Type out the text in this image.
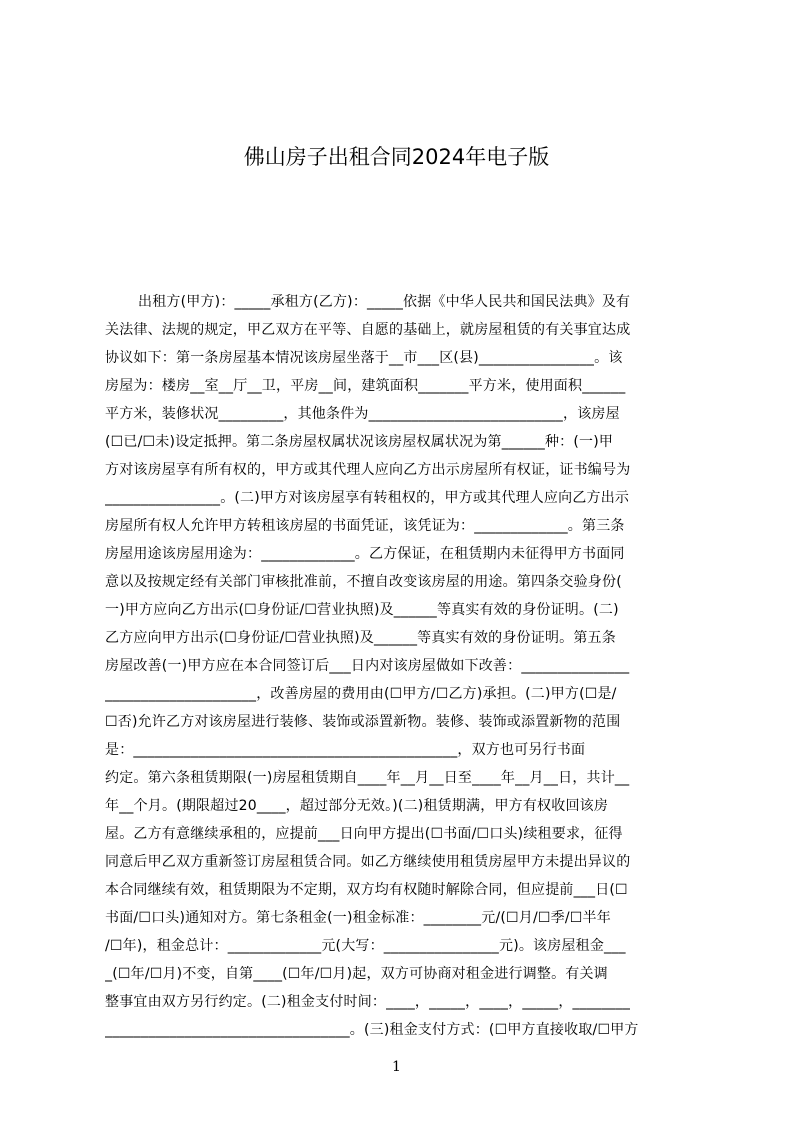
佛山房子出租合同2024年电子版
出租方(甲方)：_____承租方(乙方)：_____依据《中华人民共和国民法典》及有
关法律、法规的规定，甲乙双方在平等、自愿的基础上，就房屋租赁的有关事宜达成
协议如下：第一条房屋基本情况该房屋坐落于__市___区(县)________________。该
房屋为：楼房__室__厅__卫，平房__间，建筑面积_______平方米，使用面积______
平方米，装修状况_________，其他条件为___________________________，该房屋
(☐已/☐未)设定抵押。第二条房屋权属状况该房屋权属状况为第______种：(一)甲
方对该房屋享有所有权的，甲方或其代理人应向乙方出示房屋所有权证，证书编号为
________________。(二)甲方对该房屋享有转租权的，甲方或其代理人应向乙方出示
房屋所有权人允许甲方转租该房屋的书面凭证，该凭证为：_____________。第三条
房屋用途该房屋用途为：_____________。乙方保证，在租赁期内未征得甲方书面同
意以及按规定经有关部门审核批准前，不擅自改变该房屋的用途。第四条交验身份(
一)甲方应向乙方出示(☐身份证/☐营业执照)及______等真实有效的身份证明。(二)
乙方应向甲方出示(☐身份证/☐营业执照)及______等真实有效的身份证明。第五条
房屋改善(一)甲方应在本合同签订后___日内对该房屋做如下改善：_______________
_____________________，改善房屋的费用由(☐甲方/☐乙方)承担。(二)甲方(☐是/
☐否)允许乙方对该房屋进行装修、装饰或添置新物。装修、装饰或添置新物的范围
是：_____________________________________________，双方也可另行书面
约定。第六条租赁期限(一)房屋租赁期自____年__月__日至____年__月__日，共计__
年__个月。(期限超过20____，超过部分无效。)(二)租赁期满，甲方有权收回该房
屋。乙方有意继续承租的，应提前___日向甲方提出(☐书面/☐口头)续租要求，征得
同意后甲乙双方重新签订房屋租赁合同。如乙方继续使用租赁房屋甲方未提出异议的
本合同继续有效，租赁期限为不定期，双方均有权随时解除合同，但应提前___日(☐
书面/☐口头)通知对方。第七条租金(一)租金标准：________元/(☐月/☐季/☐半年
/☐年)，租金总计：_____________元(大写：________________元)。该房屋租金___
_(☐年/☐月)不变，自第____(☐年/☐月)起，双方可协商对租金进行调整。有关调
整事宜由双方另行约定。(二)租金支付时间：____，_____，____，_____，________
__________________________________。(三)租金支付方式：(☐甲方直接收取/☐甲方
1
